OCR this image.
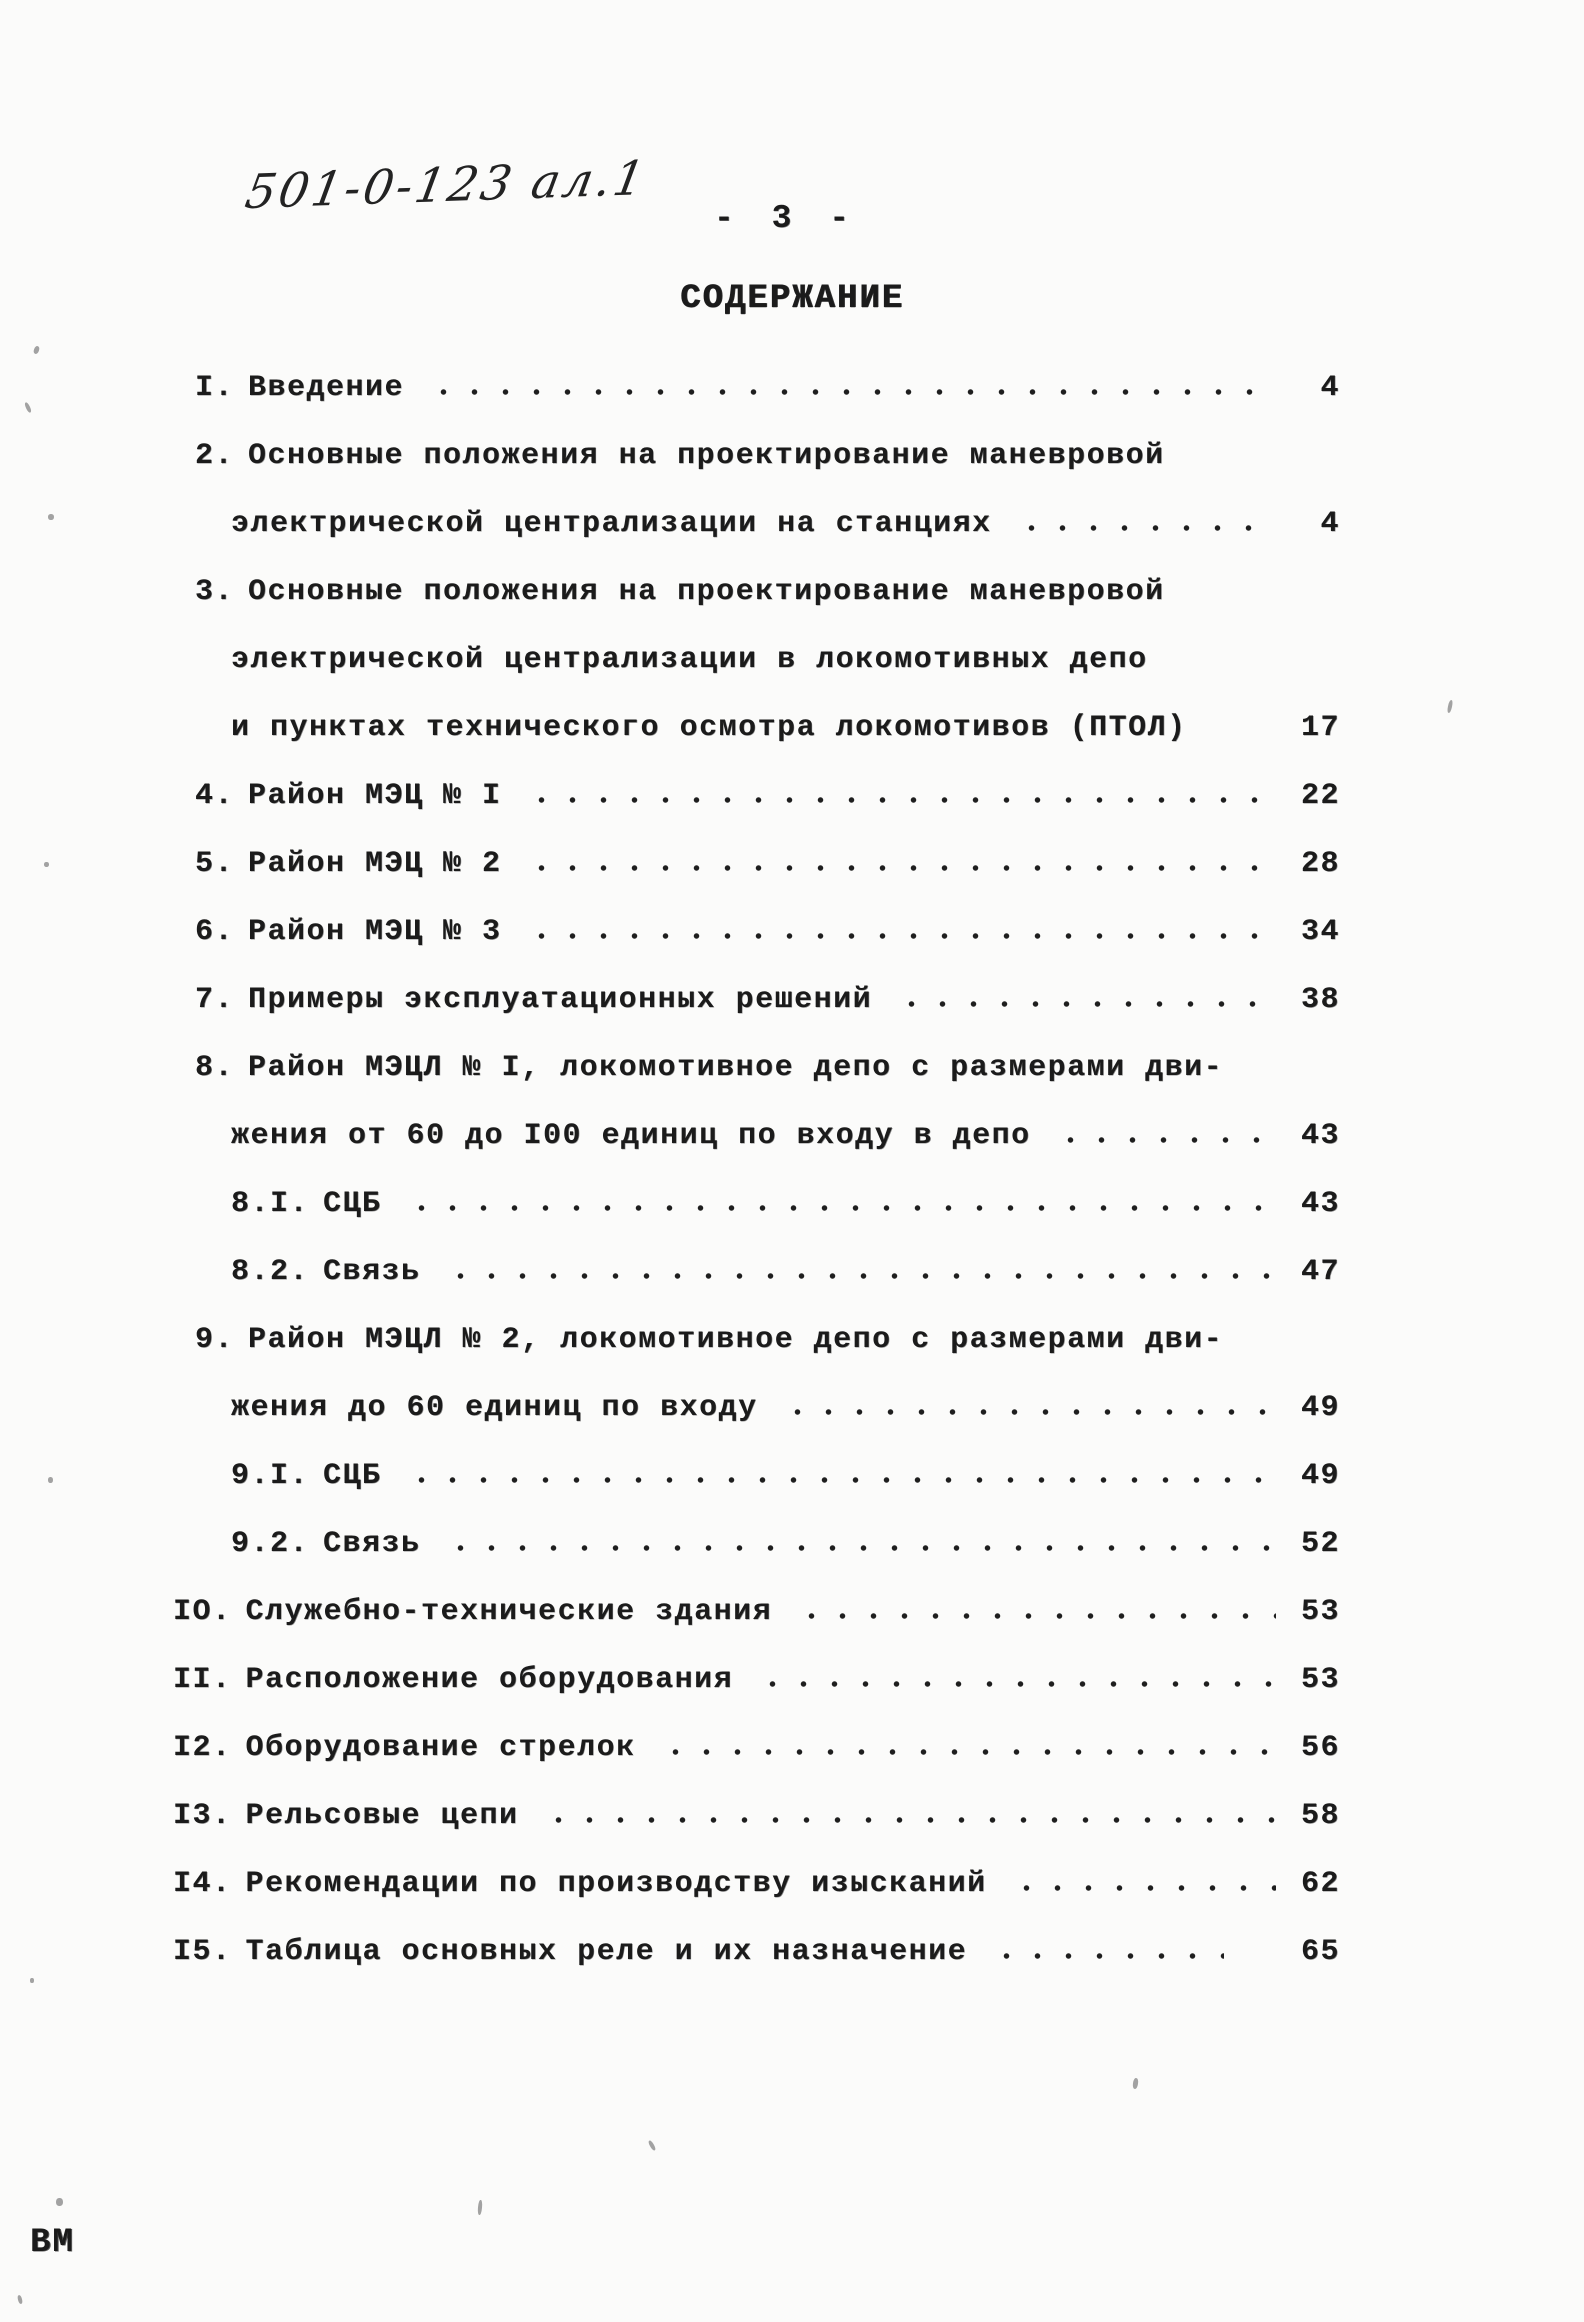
501-0-123 ал.1 - 3 -
СОДЕРЖАНИЕ
I. Введение	4
2. Основные положения на проектирование маневровой
электрической централизации на станциях	4
3. Основные положения на проектирование маневровой
электрической централизации в локомотивных депо
и пунктах технического осмотра локомотивов (ПТОЛ)	17
4. Район МЭЦ № I	22
5. Район МЭЦ № 2	28
6. Район МЭЦ № 3	34
7. Примеры эксплуатационных решений	38
8. Район МЭЦЛ № I, локомотивное депо с размерами дви-
жения от 60 до I00 единиц по входу в депо	43
8.I. СЦБ	43
8.2. Связь	47
9. Район МЭЦЛ № 2, локомотивное депо с размерами дви-
жения до 60 единиц по входу	49
9.I. СЦБ	49
9.2. Связь	52
IO. Служебно-технические здания	53
II. Расположение оборудования	53
I2. Оборудование стрелок	56
I3. Рельсовые цепи	58
I4. Рекомендации по производству изысканий	62
I5. Таблица основных реле и их назначение	65
ВМ
